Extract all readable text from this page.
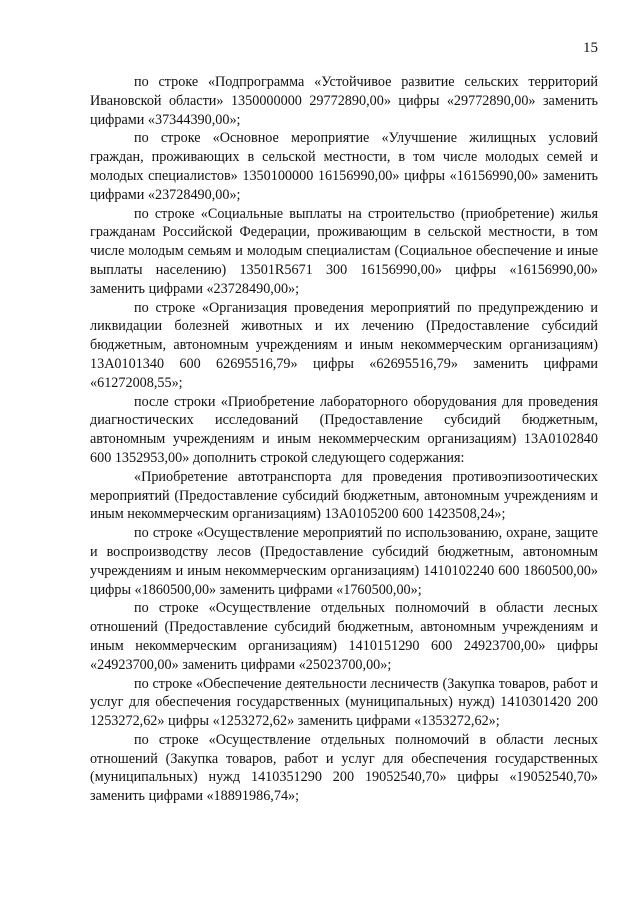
15

по строке «Подпрограмма «Устойчивое развитие сельских территорий Ивановской области» 1350000000 29772890,00» цифры «29772890,00» заменить цифрами «37344390,00»;

по строке «Основное мероприятие «Улучшение жилищных условий граждан, проживающих в сельской местности, в том числе молодых семей и молодых специалистов» 1350100000 16156990,00» цифры «16156990,00» заменить цифрами «23728490,00»;

по строке «Социальные выплаты на строительство (приобретение) жилья гражданам Российской Федерации, проживающим в сельской местности, в том числе молодым семьям и молодым специалистам (Социальное обеспечение и иные выплаты населению) 13501R5671 300 16156990,00» цифры «16156990,00» заменить цифрами «23728490,00»;

по строке «Организация проведения мероприятий по предупреждению и ликвидации болезней животных и их лечению (Предоставление субсидий бюджетным, автономным учреждениям и иным некоммерческим организациям) 13А0101340 600 62695516,79» цифры «62695516,79» заменить цифрами «61272008,55»;

после строки «Приобретение лабораторного оборудования для проведения диагностических исследований (Предоставление субсидий бюджетным, автономным учреждениям и иным некоммерческим организациям) 13А0102840 600 1352953,00» дополнить строкой следующего содержания:

«Приобретение автотранспорта для проведения противоэпизоотических мероприятий (Предоставление субсидий бюджетным, автономным учреждениям и иным некоммерческим организациям) 13А0105200 600 1423508,24»;

по строке «Осуществление мероприятий по использованию, охране, защите и воспроизводству лесов (Предоставление субсидий бюджетным, автономным учреждениям и иным некоммерческим организациям) 1410102240 600 1860500,00» цифры «1860500,00» заменить цифрами «1760500,00»;

по строке «Осуществление отдельных полномочий в области лесных отношений (Предоставление субсидий бюджетным, автономным учреждениям и иным некоммерческим организациям) 1410151290 600 24923700,00» цифры «24923700,00» заменить цифрами «25023700,00»;

по строке «Обеспечение деятельности лесничеств (Закупка товаров, работ и услуг для обеспечения государственных (муниципальных) нужд) 1410301420 200 1253272,62» цифры «1253272,62» заменить цифрами «1353272,62»;

по строке «Осуществление отдельных полномочий в области лесных отношений (Закупка товаров, работ и услуг для обеспечения государственных (муниципальных) нужд 1410351290 200 19052540,70» цифры «19052540,70» заменить цифрами «18891986,74»;
